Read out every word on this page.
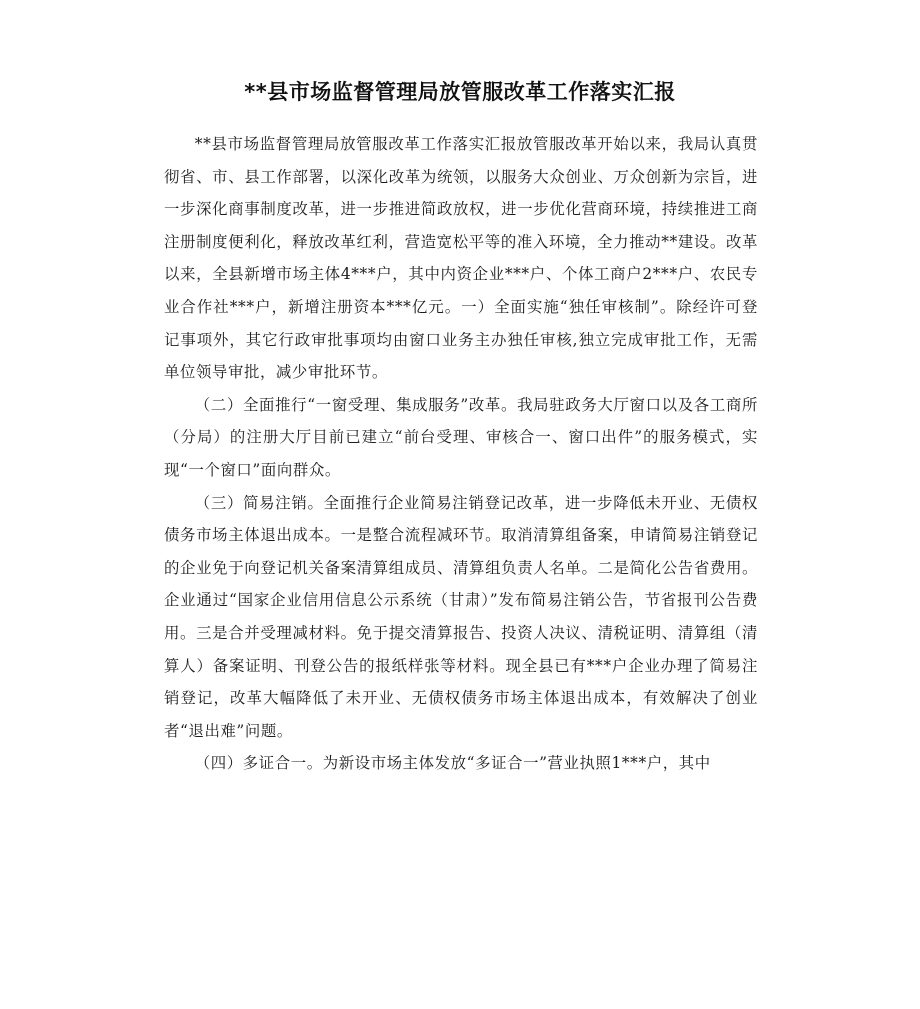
**县市场监督管理局放管服改革工作落实汇报

**县市场监督管理局放管服改革工作落实汇报放管服改革开始以来，我局认真贯彻省、市、县工作部署，以深化改革为统领，以服务大众创业、万众创新为宗旨，进一步深化商事制度改革，进一步推进简政放权，进一步优化营商环境，持续推进工商注册制度便利化，释放改革红利，营造宽松平等的准入环境，全力推动**建设。改革以来，全县新增市场主体4***户，其中内资企业***户、个体工商户2***户、农民专业合作社***户，新增注册资本***亿元。一）全面实施“独任审核制”。除经许可登记事项外，其它行政审批事项均由窗口业务主办独任审核,独立完成审批工作，无需单位领导审批，减少审批环节。

（二）全面推行“一窗受理、集成服务”改革。我局驻政务大厅窗口以及各工商所（分局）的注册大厅目前已建立“前台受理、审核合一、窗口出件”的服务模式，实现“一个窗口”面向群众。

（三）简易注销。全面推行企业简易注销登记改革，进一步降低未开业、无债权债务市场主体退出成本。一是整合流程减环节。取消清算组备案，申请简易注销登记的企业免于向登记机关备案清算组成员、清算组负责人名单。二是简化公告省费用。企业通过“国家企业信用信息公示系统（甘肃）”发布简易注销公告，节省报刊公告费用。三是合并受理减材料。免于提交清算报告、投资人决议、清税证明、清算组（清算人）备案证明、刊登公告的报纸样张等材料。现全县已有***户企业办理了简易注销登记，改革大幅降低了未开业、无债权债务市场主体退出成本，有效解决了创业者“退出难”问题。

（四）多证合一。为新设市场主体发放“多证合一”营业执照1***户，其中
